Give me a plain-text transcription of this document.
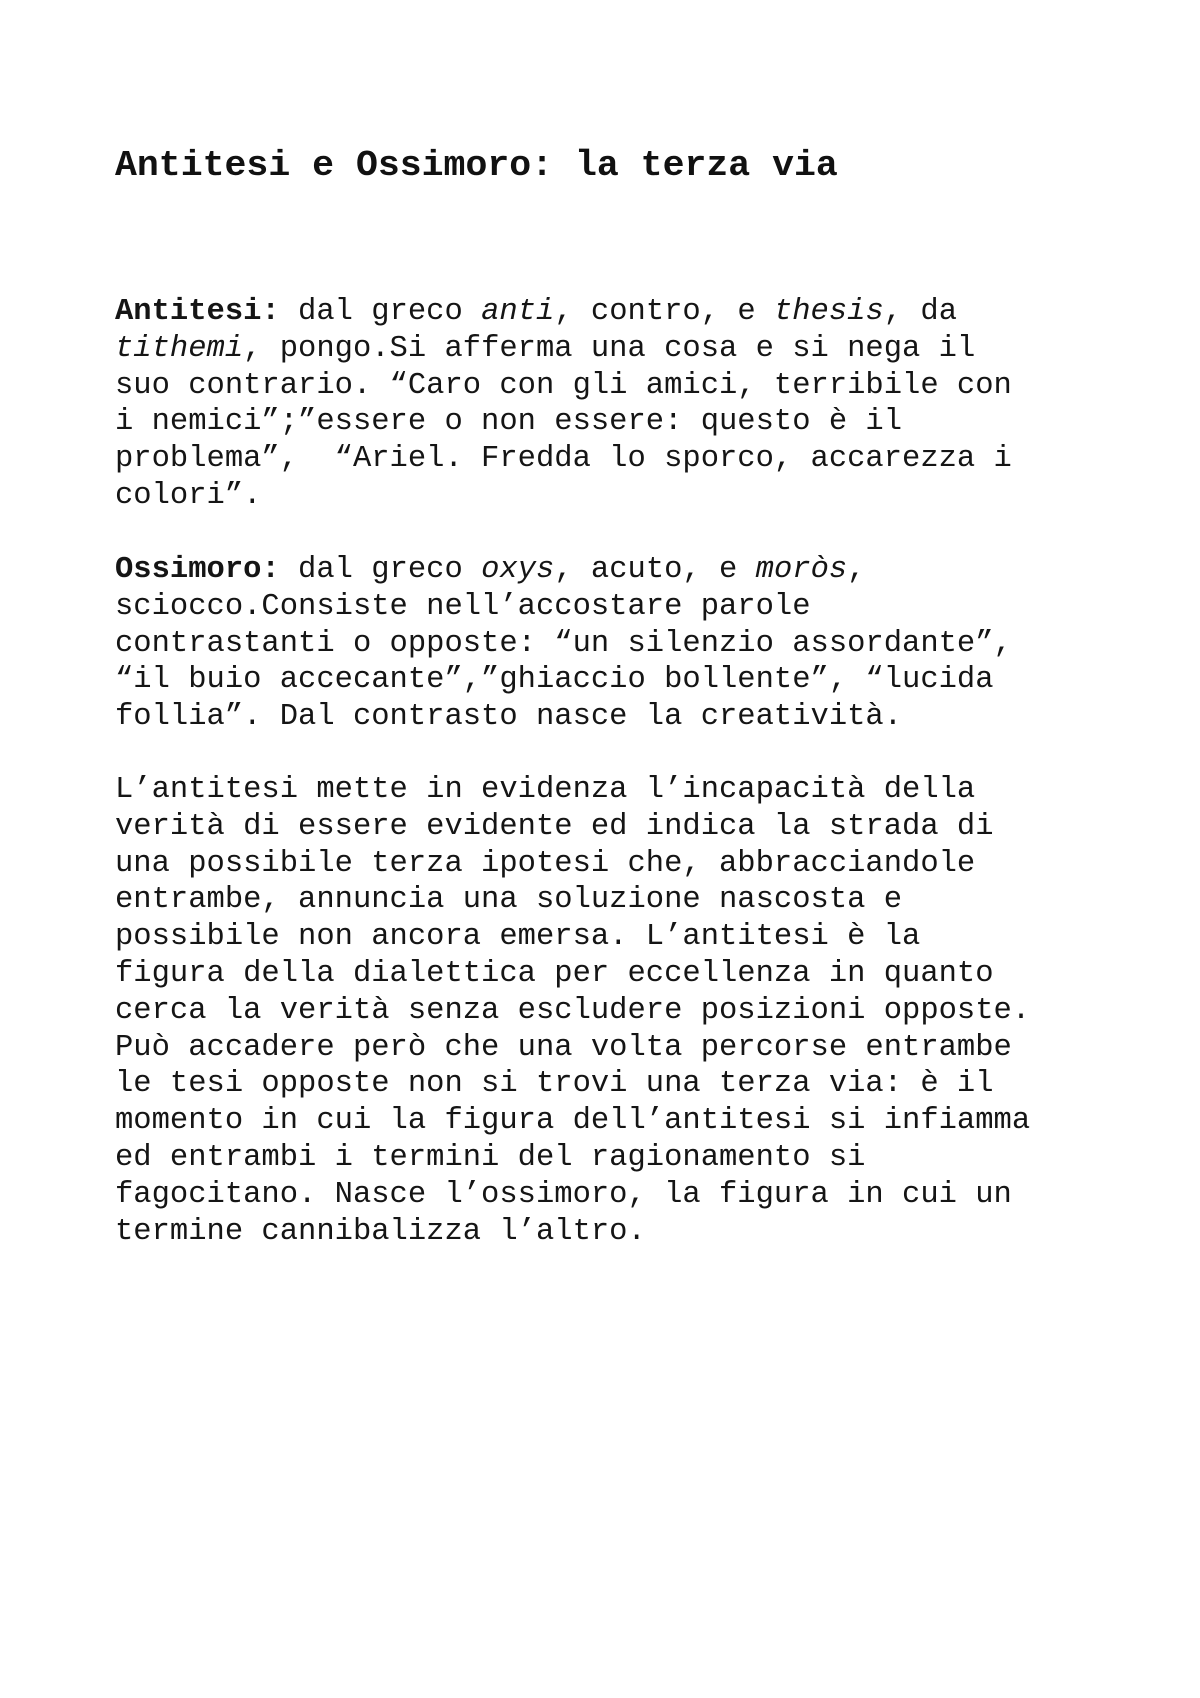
Antitesi e Ossimoro: la terza via

Antitesi: dal greco anti, contro, e thesis, da
tithemi, pongo.Si afferma una cosa e si nega il
suo contrario. “Caro con gli amici, terribile con
i nemici”;”essere o non essere: questo è il
problema”,  “Ariel. Fredda lo sporco, accarezza i
colori”.

Ossimoro: dal greco oxys, acuto, e moròs,
sciocco.Consiste nell’accostare parole
contrastanti o opposte: “un silenzio assordante”,
“il buio accecante”,”ghiaccio bollente”, “lucida
follia”. Dal contrasto nasce la creatività.

L’antitesi mette in evidenza l’incapacità della
verità di essere evidente ed indica la strada di
una possibile terza ipotesi che, abbracciandole
entrambe, annuncia una soluzione nascosta e
possibile non ancora emersa. L’antitesi è la
figura della dialettica per eccellenza in quanto
cerca la verità senza escludere posizioni opposte.
Può accadere però che una volta percorse entrambe
le tesi opposte non si trovi una terza via: è il
momento in cui la figura dell’antitesi si infiamma
ed entrambi i termini del ragionamento si
fagocitano. Nasce l’ossimoro, la figura in cui un
termine cannibalizza l’altro.
